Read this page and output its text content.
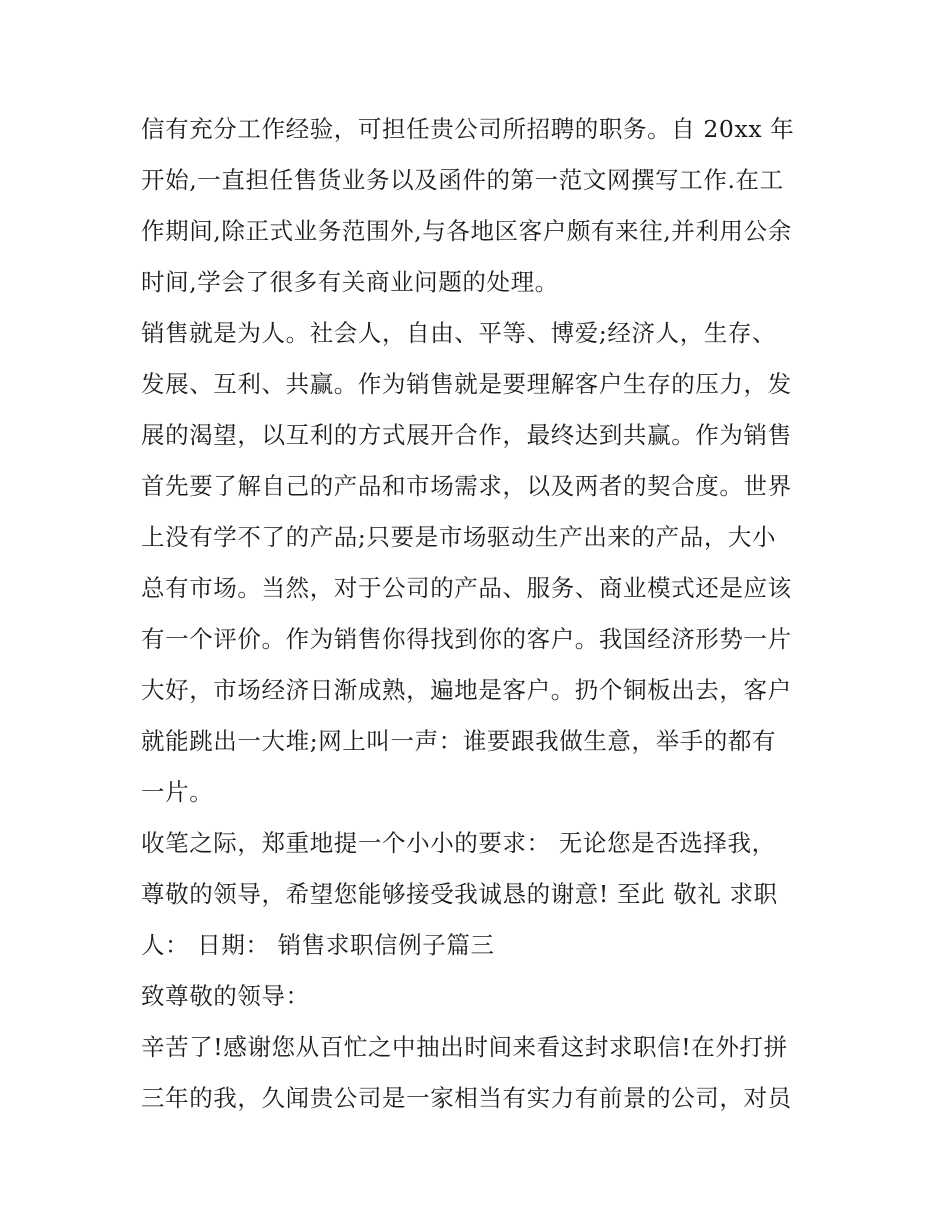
信有充分工作经验，可担任贵公司所招聘的职务。自 20xx 年
开始,一直担任售货业务以及函件的第一范文网撰写工作.在工
作期间,除正式业务范围外,与各地区客户颇有来往,并利用公余
时间,学会了很多有关商业问题的处理。
销售就是为人。社会人，自由、平等、博爱;经济人，生存、
发展、互利、共赢。作为销售就是要理解客户生存的压力，发
展的渴望，以互利的方式展开合作，最终达到共赢。作为销售
首先要了解自己的产品和市场需求，以及两者的契合度。世界
上没有学不了的产品;只要是市场驱动生产出来的产品，大小
总有市场。当然，对于公司的产品、服务、商业模式还是应该
有一个评价。作为销售你得找到你的客户。我国经济形势一片
大好，市场经济日渐成熟，遍地是客户。扔个铜板出去，客户
就能跳出一大堆;网上叫一声：谁要跟我做生意，举手的都有
一片。
收笔之际，郑重地提一个小小的要求： 无论您是否选择我，
尊敬的领导，希望您能够接受我诚恳的谢意! 至此 敬礼 求职
人： 日期： 销售求职信例子篇三
致尊敬的领导：
辛苦了!感谢您从百忙之中抽出时间来看这封求职信!在外打拼
三年的我，久闻贵公司是一家相当有实力有前景的公司，对员
